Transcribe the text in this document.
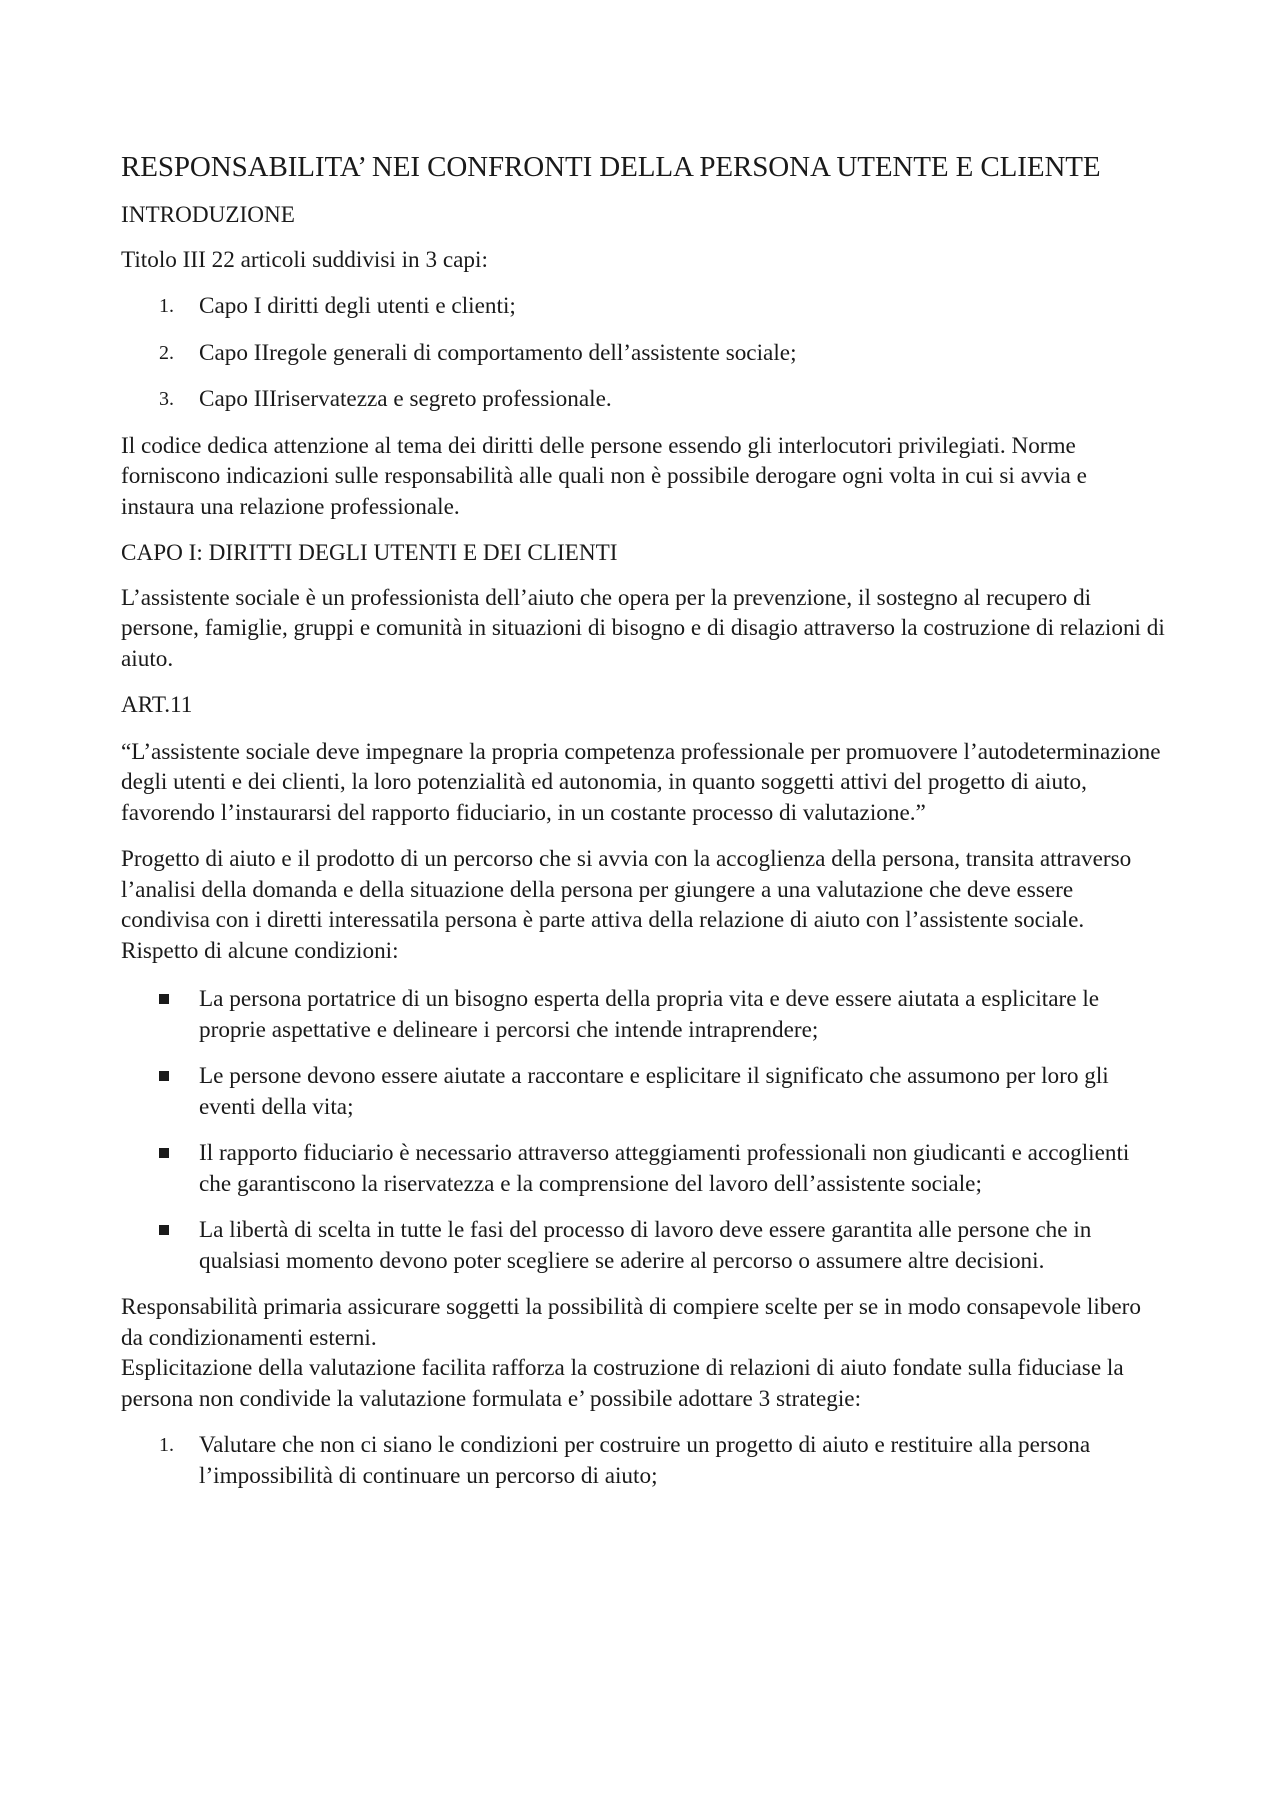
RESPONSABILITA’ NEI CONFRONTI DELLA PERSONA UTENTE E CLIENTE
INTRODUZIONE

Titolo III 22 articoli suddivisi in 3 capi:

1. Capo I diritti degli utenti e clienti;
2. Capo IIregole generali di comportamento dell’assistente sociale;
3. Capo IIIriservatezza e segreto professionale.

Il codice dedica attenzione al tema dei diritti delle persone essendo gli interlocutori privilegiati. Norme forniscono indicazioni sulle responsabilità alle quali non è possibile derogare ogni volta in cui si avvia e instaura una relazione professionale.

CAPO I: DIRITTI DEGLI UTENTI E DEI CLIENTI

L’assistente sociale è un professionista dell’aiuto che opera per la prevenzione, il sostegno al recupero di persone, famiglie, gruppi e comunità in situazioni di bisogno e di disagio attraverso la costruzione di relazioni di aiuto.

ART.11

“L’assistente sociale deve impegnare la propria competenza professionale per promuovere l’autodeterminazione degli utenti e dei clienti, la loro potenzialità ed autonomia, in quanto soggetti attivi del progetto di aiuto, favorendo l’instaurarsi del rapporto fiduciario, in un costante processo di valutazione.”

Progetto di aiuto e il prodotto di un percorso che si avvia con la accoglienza della persona, transita attraverso l’analisi della domanda e della situazione della persona per giungere a una valutazione che deve essere condivisa con i diretti interessatila persona è parte attiva della relazione di aiuto con l’assistente sociale.

Rispetto di alcune condizioni:

La persona portatrice di un bisogno esperta della propria vita e deve essere aiutata a esplicitare le proprie aspettative e delineare i percorsi che intende intraprendere;
Le persone devono essere aiutate a raccontare e esplicitare il significato che assumono per loro gli eventi della vita;
Il rapporto fiduciario è necessario attraverso atteggiamenti professionali non giudicanti e accoglienti che garantiscono la riservatezza e la comprensione del lavoro dell’assistente sociale;
La libertà di scelta in tutte le fasi del processo di lavoro deve essere garantita alle persone che in qualsiasi momento devono poter scegliere se aderire al percorso o assumere altre decisioni.

Responsabilità primaria assicurare soggetti la possibilità di compiere scelte per se in modo consapevole libero da condizionamenti esterni.

Esplicitazione della valutazione facilita rafforza la costruzione di relazioni di aiuto fondate sulla fiduciase la persona non condivide la valutazione formulata e’ possibile adottare 3 strategie:

1. Valutare che non ci siano le condizioni per costruire un progetto di aiuto e restituire alla persona l’impossibilità di continuare un percorso di aiuto;
